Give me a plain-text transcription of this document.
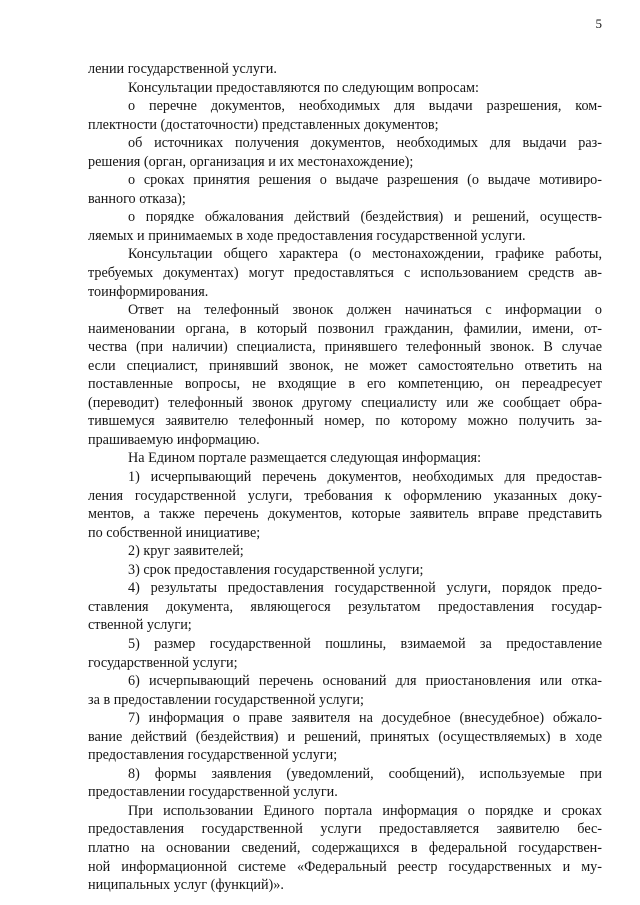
5
лении государственной услуги.
Консультации предоставляются по следующим вопросам:
о перечне документов, необходимых для выдачи разрешения, ком-
плектности (достаточности) представленных документов;
об источниках получения документов, необходимых для выдачи раз-
решения (орган, организация и их местонахождение);
о сроках принятия решения о выдаче разрешения (о выдаче мотивиро-
ванного отказа);
о порядке обжалования действий (бездействия) и решений, осуществ-
ляемых и принимаемых в ходе предоставления государственной услуги.
Консультации общего характера (о местонахождении, графике работы,
требуемых документах) могут предоставляться с использованием средств ав-
тоинформирования.
Ответ на телефонный звонок должен начинаться с информации о
наименовании органа, в который позвонил гражданин, фамилии, имени, от-
чества (при наличии) специалиста, принявшего телефонный звонок. В случае
если специалист, принявший звонок, не может самостоятельно ответить на
поставленные вопросы, не входящие в его компетенцию, он переадресует
(переводит) телефонный звонок другому специалисту или же сообщает обра-
тившемуся заявителю телефонный номер, по которому можно получить за-
прашиваемую информацию.
На Едином портале размещается следующая информация:
1) исчерпывающий перечень документов, необходимых для предостав-
ления государственной услуги, требования к оформлению указанных доку-
ментов, а также перечень документов, которые заявитель вправе представить
по собственной инициативе;
2) круг заявителей;
3) срок предоставления государственной услуги;
4) результаты предоставления государственной услуги, порядок предо-
ставления документа, являющегося результатом предоставления государ-
ственной услуги;
5) размер государственной пошлины, взимаемой за предоставление
государственной услуги;
6) исчерпывающий перечень оснований для приостановления или отка-
за в предоставлении государственной услуги;
7) информация о праве заявителя на досудебное (внесудебное) обжало-
вание действий (бездействия) и решений, принятых (осуществляемых) в ходе
предоставления государственной услуги;
8) формы заявления (уведомлений, сообщений), используемые при
предоставлении государственной услуги.
При использовании Единого портала информация о порядке и сроках
предоставления государственной услуги предоставляется заявителю бес-
платно на основании сведений, содержащихся в федеральной государствен-
ной информационной системе «Федеральный реестр государственных и му-
ниципальных услуг (функций)».
